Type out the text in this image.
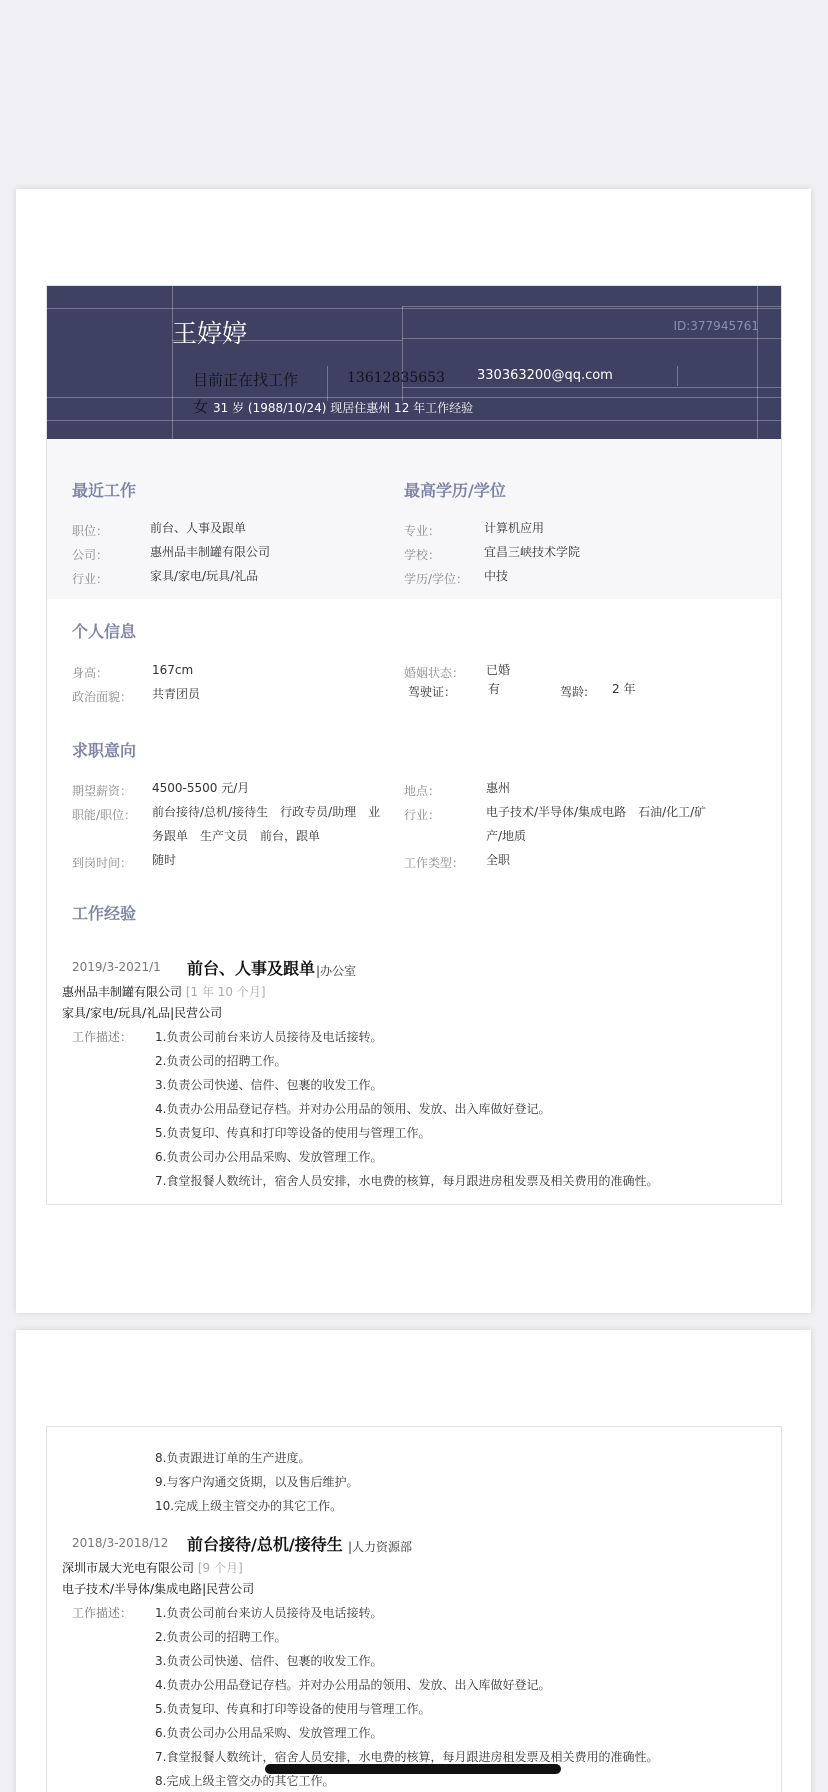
王婷婷	ID:377945761
目前正在找工作	13612835653 330363200@qq.com
女 31 岁 (1988/10/24) 现居住惠州 12 年工作经验
最近工作	最高学历/学位
职位：	前台、人事及跟单
公司：	惠州品丰制罐有限公司
行业：	家具/家电/玩具/礼品
专业：	计算机应用
学校：	宜昌三峡技术学院
学历/学位： 中技
个人信息
身高：	167cm
政治面貌： 共青团员
婚姻状态： 已婚
驾驶证：	有	驾龄: 2 年
求职意向
期望薪资： 4500-5500 元/月
职能/职位： 前台接待/总机/接待生　行政专员/助理　业
务跟单　生产文员　前台，跟单
到岗时间： 随时
地点：	惠州
行业：	电子技术/半导体/集成电路　石油/化工/矿
产/地质
工作类型： 全职
工作经验
2019/3-2021/1 前台、人事及跟单 |办公室
惠州品丰制罐有限公司 [1 年 10 个月]
家具/家电/玩具/礼品|民营公司
工作描述： 1.负责公司前台来访人员接待及电话接转。
2.负责公司的招聘工作。
3.负责公司快递、信件、包裹的收发工作。
4.负责办公用品登记存档。并对办公用品的领用、发放、出入库做好登记。
5.负责复印、传真和打印等设备的使用与管理工作。
6.负责公司办公用品采购、发放管理工作。
7.食堂报餐人数统计，宿舍人员安排，水电费的核算，每月跟进房租发票及相关费用的准确性。
8.负责跟进订单的生产进度。
9.与客户沟通交货期，以及售后维护。
10.完成上级主管交办的其它工作。
2018/3-2018/12 前台接待/总机/接待生 |人力资源部
深圳市晟大光电有限公司 [9 个月]
电子技术/半导体/集成电路|民营公司
工作描述： 1.负责公司前台来访人员接待及电话接转。
2.负责公司的招聘工作。
3.负责公司快递、信件、包裹的收发工作。
4.负责办公用品登记存档。并对办公用品的领用、发放、出入库做好登记。
5.负责复印、传真和打印等设备的使用与管理工作。
6.负责公司办公用品采购、发放管理工作。
7.食堂报餐人数统计，宿舍人员安排，水电费的核算，每月跟进房租发票及相关费用的准确性。
8.完成上级主管交办的其它工作。
